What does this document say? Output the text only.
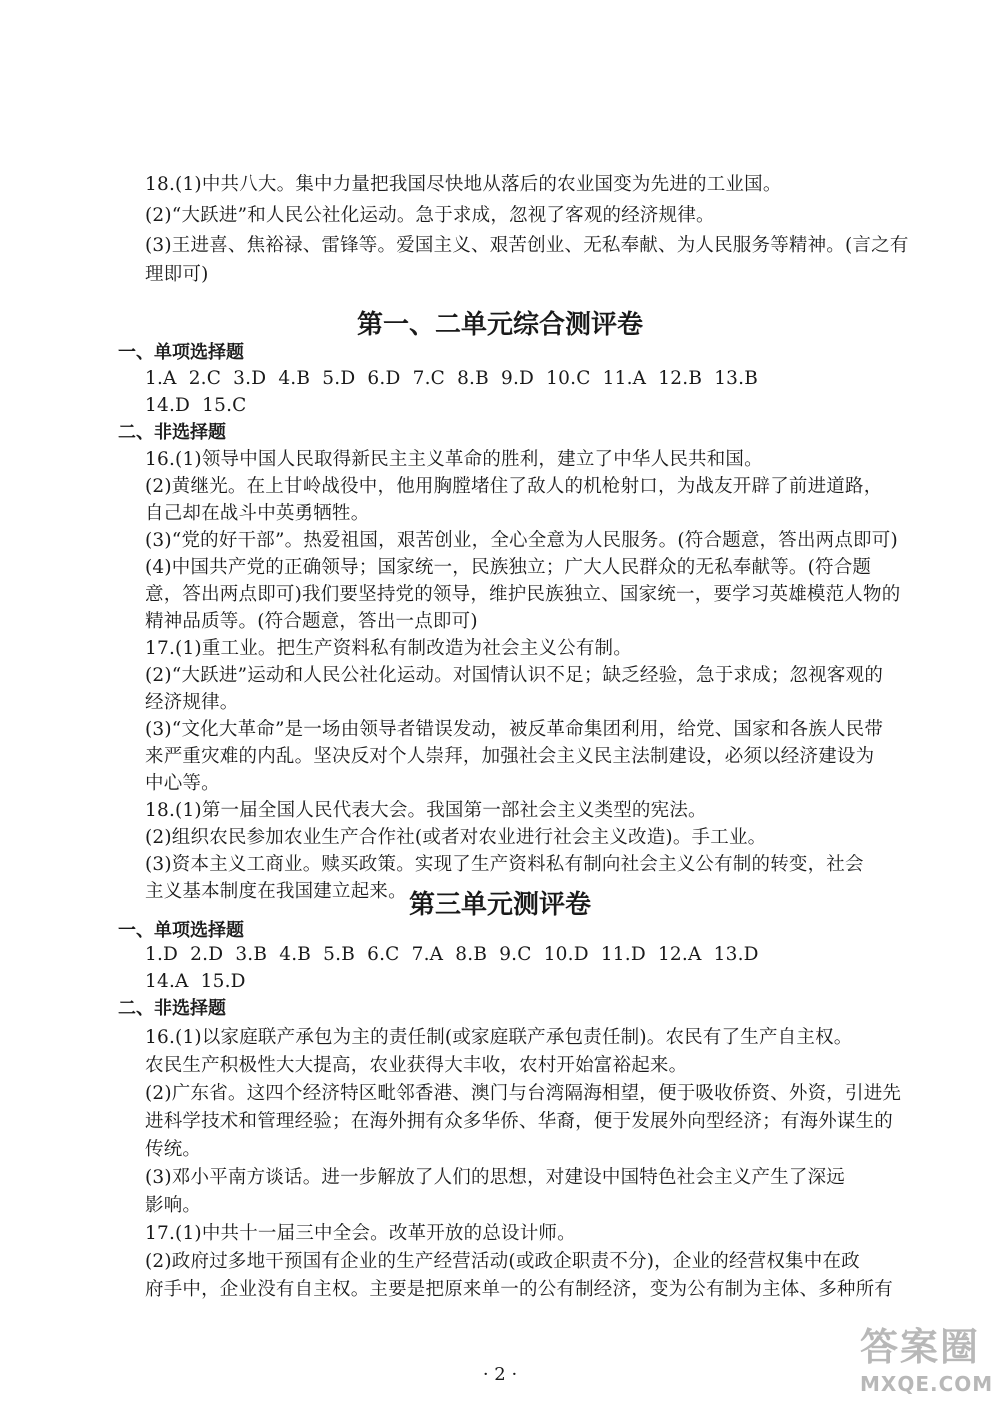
18.(1)中共八大。集中力量把我国尽快地从落后的农业国变为先进的工业国。
(2)“大跃进”和人民公社化运动。急于求成，忽视了客观的经济规律。
(3)王进喜、焦裕禄、雷锋等。爱国主义、艰苦创业、无私奉献、为人民服务等精神。(言之有
理即可)
第一、二单元综合测评卷
一、单项选择题
1.A 2.C 3.D 4.B 5.D 6.D 7.C 8.B 9.D 10.C 11.A 12.B 13.B
14.D 15.C
二、非选择题
16.(1)领导中国人民取得新民主主义革命的胜利，建立了中华人民共和国。
(2)黄继光。在上甘岭战役中，他用胸膛堵住了敌人的机枪射口，为战友开辟了前进道路，
自己却在战斗中英勇牺牲。
(3)“党的好干部”。热爱祖国，艰苦创业，全心全意为人民服务。(符合题意，答出两点即可)
(4)中国共产党的正确领导；国家统一，民族独立；广大人民群众的无私奉献等。(符合题
意，答出两点即可)我们要坚持党的领导，维护民族独立、国家统一，要学习英雄模范人物的
精神品质等。(符合题意，答出一点即可)
17.(1)重工业。把生产资料私有制改造为社会主义公有制。
(2)“大跃进”运动和人民公社化运动。对国情认识不足；缺乏经验，急于求成；忽视客观的
经济规律。
(3)“文化大革命”是一场由领导者错误发动，被反革命集团利用，给党、国家和各族人民带
来严重灾难的内乱。坚决反对个人崇拜，加强社会主义民主法制建设，必须以经济建设为
中心等。
18.(1)第一届全国人民代表大会。我国第一部社会主义类型的宪法。
(2)组织农民参加农业生产合作社(或者对农业进行社会主义改造)。手工业。
(3)资本主义工商业。赎买政策。实现了生产资料私有制向社会主义公有制的转变，社会
主义基本制度在我国建立起来。 第三单元测评卷
一、单项选择题
1.D 2.D 3.B 4.B 5.B 6.C 7.A 8.B 9.C 10.D 11.D 12.A 13.D
14.A 15.D
二、非选择题
16.(1)以家庭联产承包为主的责任制(或家庭联产承包责任制)。农民有了生产自主权。
农民生产积极性大大提高，农业获得大丰收，农村开始富裕起来。
(2)广东省。这四个经济特区毗邻香港、澳门与台湾隔海相望，便于吸收侨资、外资，引进先
进科学技术和管理经验；在海外拥有众多华侨、华裔，便于发展外向型经济；有海外谋生的
传统。
(3)邓小平南方谈话。进一步解放了人们的思想，对建设中国特色社会主义产生了深远
影响。
17.(1)中共十一届三中全会。改革开放的总设计师。
(2)政府过多地干预国有企业的生产经营活动(或政企职责不分)，企业的经营权集中在政
府手中，企业没有自主权。主要是把原来单一的公有制经济，变为公有制为主体、多种所有
· 2 ·
答案圈
MXQE.COM
